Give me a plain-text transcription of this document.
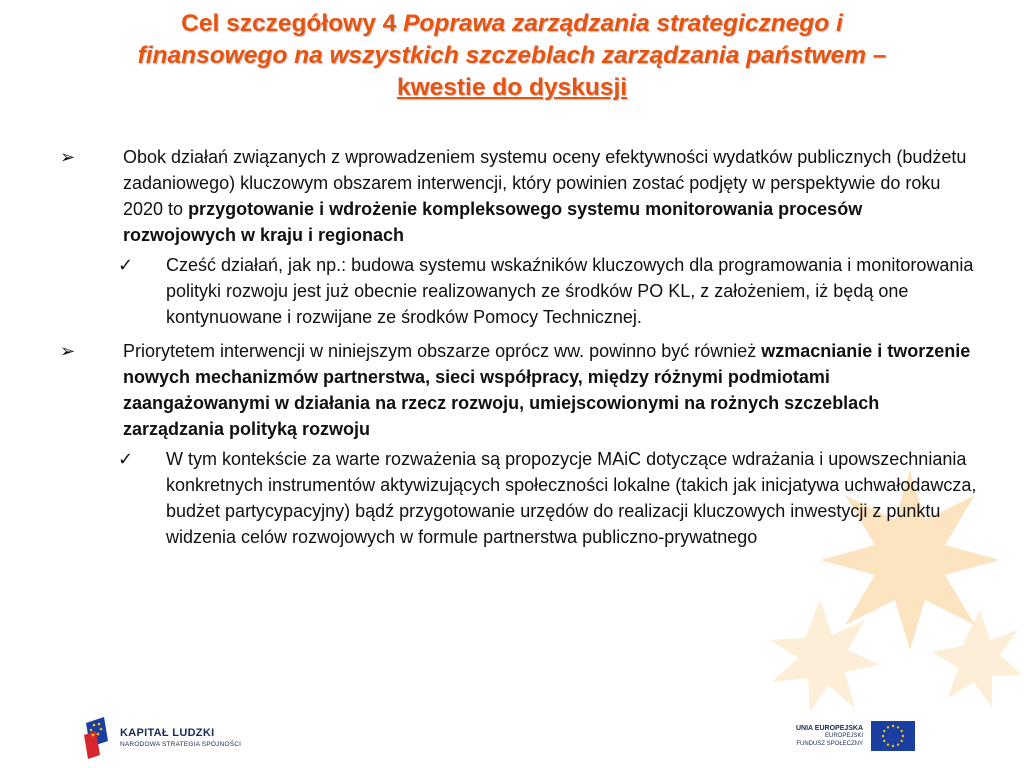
Cel szczegółowy 4 Poprawa zarządzania strategicznego i
finansowego na wszystkich szczeblach zarządzania państwem –
kwestie do dyskusji
➢	Obok działań związanych z wprowadzeniem systemu oceny efektywności wydatków publicznych (budżetu zadaniowego) kluczowym obszarem interwencji, który powinien zostać podjęty w perspektywie do roku 2020 to przygotowanie i wdrożenie kompleksowego systemu monitorowania procesów rozwojowych w kraju i regionach
✓	Cześć działań, jak np.: budowa systemu wskaźników kluczowych dla programowania i monitorowania polityki rozwoju jest już obecnie realizowanych ze środków PO KL, z założeniem, iż będą one kontynuowane i rozwijane ze środków Pomocy Technicznej.
➢	Priorytetem interwencji w niniejszym obszarze oprócz ww. powinno być również wzmacnianie i tworzenie nowych mechanizmów partnerstwa, sieci współpracy, między różnymi podmiotami zaangażowanymi w działania na rzecz rozwoju, umiejscowionymi na rożnych szczeblach zarządzania polityką rozwoju
✓	W tym kontekście za warte rozważenia są propozycje MAiC dotyczące wdrażania i upowszechniania konkretnych instrumentów aktywizujących społeczności lokalne (takich jak inicjatywa uchwałodawcza, budżet partycypacyjny) bądź przygotowanie urzędów do realizacji kluczowych inwestycji z punktu widzenia celów rozwojowych w formule partnerstwa publiczno-prywatnego
KAPITAŁ LUDZKI
NARODOWA STRATEGIA SPÓJNOŚCI
UNIA EUROPEJSKA
EUROPEJSKI
FUNDUSZ SPOŁECZNY
